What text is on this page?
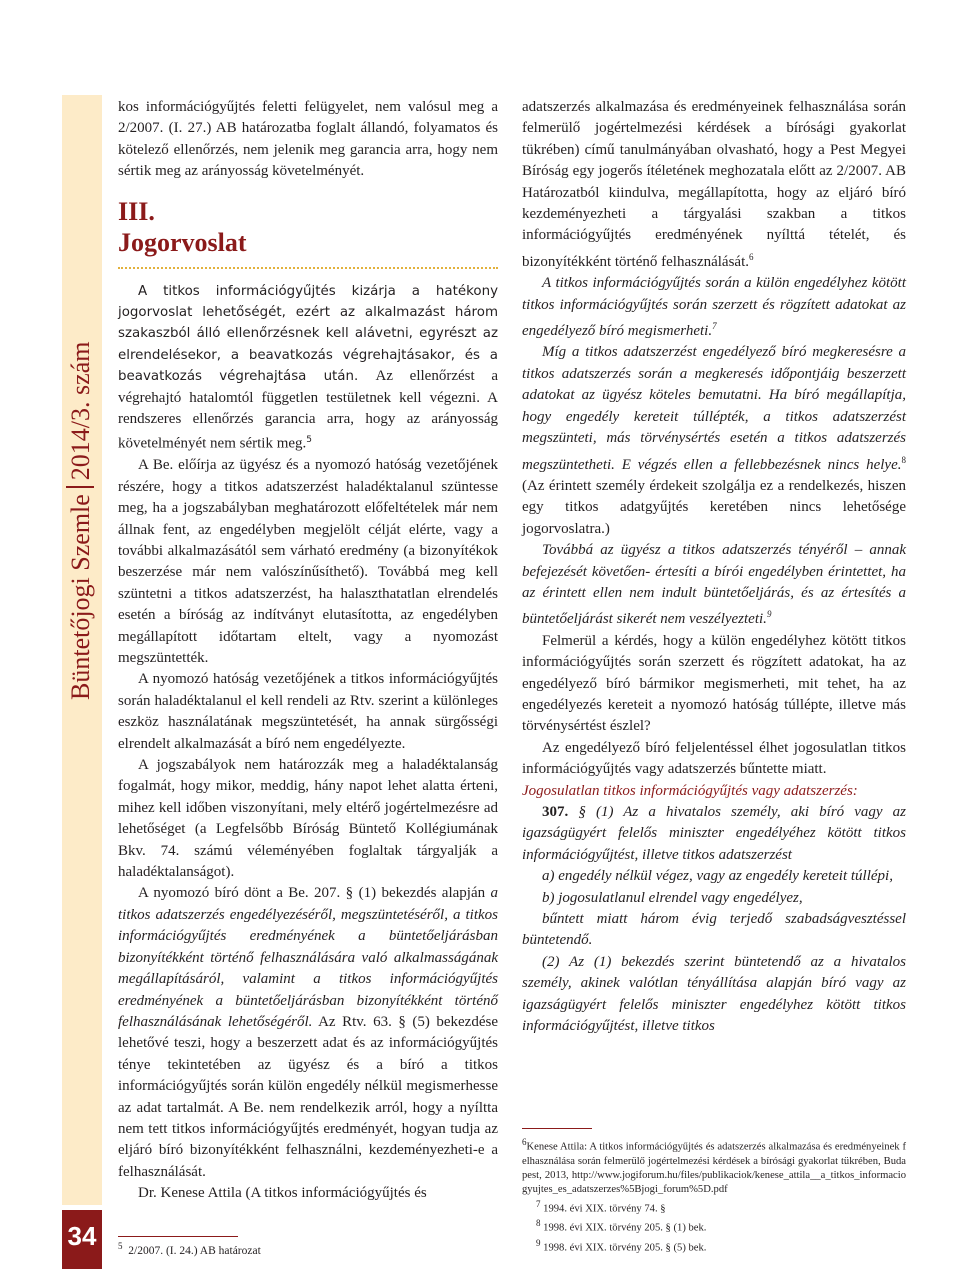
Büntetőjogi Szemle2014/3. szám
34

kos információgyűjtés feletti felügyelet, nem valósul meg a 2/2007. (I. 27.) AB határozatba foglalt állandó, folyamatos és kötelező ellenőrzés, nem jelenik meg garancia arra, hogy nem sértik meg az arányosság követelményét.

III.
Jogorvoslat

A titkos információgyűjtés kizárja a hatékony jogorvoslat lehetőségét, ezért az alkalmazást három szakaszból álló ellenőrzésnek kell alávetni, egyrészt az elrendelésekor, a beavatkozás végrehajtásakor, és a beavatkozás végrehajtása után. Az ellenőrzést a végrehajtó hatalomtól független testületnek kell végezni. A rendszeres ellenőrzés garancia arra, hogy az arányosság követelményét nem sértik meg.$^5$

A Be. előírja az ügyész és a nyomozó hatóság vezetőjének részére, hogy a titkos adatszerzést haladéktalanul szüntesse meg, ha a jogszabályban meghatározott előfeltételek már nem állnak fent, az engedélyben megjelölt célját elérte, vagy a további alkalmazásától sem várható eredmény (a bizonyítékok beszerzése már nem valószínűsíthető). Továbbá meg kell szüntetni a titkos adatszerzést, ha halaszthatatlan elrendelés esetén a bíróság az indítványt elutasította, az engedélyben megállapított időtartam eltelt, vagy a nyomozást megszüntették.

A nyomozó hatóság vezetőjének a titkos információgyűjtés során haladéktalanul el kell rendeli az Rtv. szerint a különleges eszköz használatának megszüntetését, ha annak sürgősségi elrendelt alkalmazását a bíró nem engedélyezte.

A jogszabályok nem határozzák meg a haladéktalanság fogalmát, hogy mikor, meddig, hány napot lehet alatta érteni, mihez kell időben viszonyítani, mely eltérő jogértelmezésre ad lehetőséget (a Legfelsőbb Bíróság Büntető Kollégiumának Bkv. 74. számú véleményében foglaltak tárgyalják a haladéktalanságot).

A nyomozó bíró dönt a Be. 207. § (1) bekezdés alapján a titkos adatszerzés engedélyezéséről, megszüntetéséről, a titkos információgyűjtés eredményének a büntetőeljárásban bizonyítékként történő felhasználására való alkalmasságának megállapításáról, valamint a titkos információgyűjtés eredményének a büntetőeljárásban bizonyítékként történő felhasználásának lehetőségéről. Az Rtv. 63. § (5) bekezdése lehetővé teszi, hogy a beszerzett adat és az információgyűjtés ténye tekintetében az ügyész és a bíró a titkos információgyűjtés során külön engedély nélkül megismerhesse az adat tartalmát. A Be. nem rendelkezik arról, hogy a nyíltta nem tett titkos információgyűjtés eredményét, hogyan tudja az eljáró bíró bizonyítékként felhasználni, kezdeményezheti-e a felhasználását.

Dr. Kenese Attila (A titkos információgyűjtés és

$^5$ 2/2007. (I. 24.) AB határozat

adatszerzés alkalmazása és eredményeinek felhasználása során felmerülő jogértelmezési kérdések a bírósági gyakorlat tükrében) című tanulmányában olvasható, hogy a Pest Megyei Bíróság egy jogerős ítéletének meghozatala előtt az 2/2007. AB Határozatból kiindulva, megállapította, hogy az eljáró bíró kezdeményezheti a tárgyalási szakban a titkos információgyűjtés eredményének nyílttá tételét, és bizonyítékként történő felhasználását.$^6$

A titkos információgyűjtés során a külön engedélyhez kötött titkos információgyűjtés során szerzett és rögzített adatokat az engedélyező bíró megismerheti.$^7$

Míg a titkos adatszerzést engedélyező bíró megkeresésre a titkos adatszerzés során a megkeresés időpontjáig beszerzett adatokat az ügyész köteles bemutatni. Ha bíró megállapítja, hogy engedély kereteit túllépték, a titkos adatszerzést megszünteti, más törvénysértés esetén a titkos adatszerzés megszüntetheti. E végzés ellen a fellebbezésnek nincs helye.$^8$ (Az érintett személy érdekeit szolgálja ez a rendelkezés, hiszen egy titkos adatgyűjtés keretében nincs lehetősége jogorvoslatra.)

Továbbá az ügyész a titkos adatszerzés tényéről – annak befejezését követően- értesíti a bírói engedélyben érintettet, ha az érintett ellen nem indult büntetőeljárás, és az értesítés a büntetőeljárást sikerét nem veszélyezteti.$^9$

Felmerül a kérdés, hogy a külön engedélyhez kötött titkos információgyűjtés során szerzett és rögzített adatokat, ha az engedélyező bíró bármikor megismerheti, mit tehet, ha az engedélyezés kereteit a nyomozó hatóság túllépte, illetve más törvénysértést észlel?

Az engedélyező bíró feljelentéssel élhet jogosulatlan titkos információgyűjtés vagy adatszerzés bűntette miatt.

Jogosulatlan titkos információgyűjtés vagy adatszerzés:

307. § (1) Az a hivatalos személy, aki bíró vagy az igazságügyért felelős miniszter engedélyéhez kötött titkos információgyűjtést, illetve titkos adatszerzést

a) engedély nélkül végez, vagy az engedély kereteit túllépi,

b) jogosulatlanul elrendel vagy engedélyez,

bűntett miatt három évig terjedő szabadságvesztéssel büntetendő.

(2) Az (1) bekezdés szerint büntetendő az a hivatalos személy, akinek valótlan tényállítása alapján bíró vagy az igazságügyért felelős miniszter engedélyhez kötött titkos információgyűjtést, illetve titkos

$^6$Kenese Attila: A titkos információgyűjtés és adatszerzés alkalmazása és eredményeinek felhasználása során felmerülő jogértelmezési kérdések a bírósági gyakorlat tükrében, Budapest, 2013, http://www.jogiforum.hu/files/publikaciok/kenese_attila__a_titkos_informaciogyujtes_es_adatszerzes%5Bjogi_forum%5D.pdf
$^7$ 1994. évi XIX. törvény 74. §
$^8$ 1998. évi XIX. törvény 205. § (1) bek.
$^9$ 1998. évi XIX. törvény 205. § (5) bek.
